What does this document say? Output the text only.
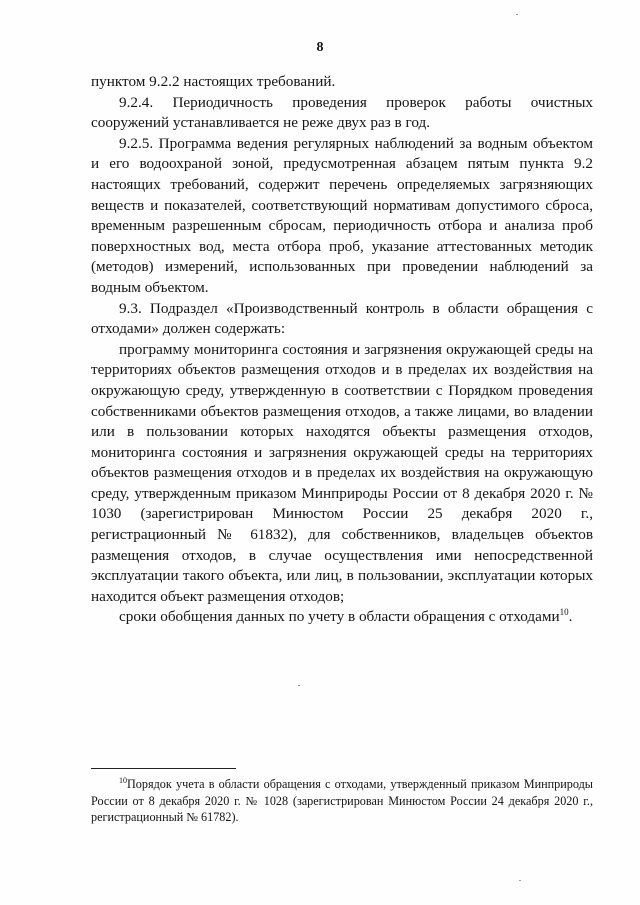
8

пунктом 9.2.2 настоящих требований.

9.2.4. Периодичность проведения проверок работы очистных сооружений устанавливается не реже двух раз в год.

9.2.5. Программа ведения регулярных наблюдений за водным объектом и его водоохраной зоной, предусмотренная абзацем пятым пункта 9.2 настоящих требований, содержит перечень определяемых загрязняющих веществ и показателей, соответствующий нормативам допустимого сброса, временным разрешенным сбросам, периодичность отбора и анализа проб поверхностных вод, места отбора проб, указание аттестованных методик (методов) измерений, использованных при проведении наблюдений за водным объектом.

9.3. Подраздел «Производственный контроль в области обращения с отходами» должен содержать:

программу мониторинга состояния и загрязнения окружающей среды на территориях объектов размещения отходов и в пределах их воздействия на окружающую среду, утвержденную в соответствии с Порядком проведения собственниками объектов размещения отходов, а также лицами, во владении или в пользовании которых находятся объекты размещения отходов, мониторинга состояния и загрязнения окружающей среды на территориях объектов размещения отходов и в пределах их воздействия на окружающую среду, утвержденным приказом Минприроды России от 8 декабря 2020 г. № 1030 (зарегистрирован Минюстом России 25 декабря 2020 г., регистрационный № 61832), для собственников, владельцев объектов размещения отходов, в случае осуществления ими непосредственной эксплуатации такого объекта, или лиц, в пользовании, эксплуатации которых находится объект размещения отходов;

сроки обобщения данных по учету в области обращения с отходами$^{10}$.

$^{10}$Порядок учета в области обращения с отходами, утвержденный приказом Минприроды России от 8 декабря 2020 г. № 1028 (зарегистрирован Минюстом России 24 декабря 2020 г., регистрационный № 61782).
